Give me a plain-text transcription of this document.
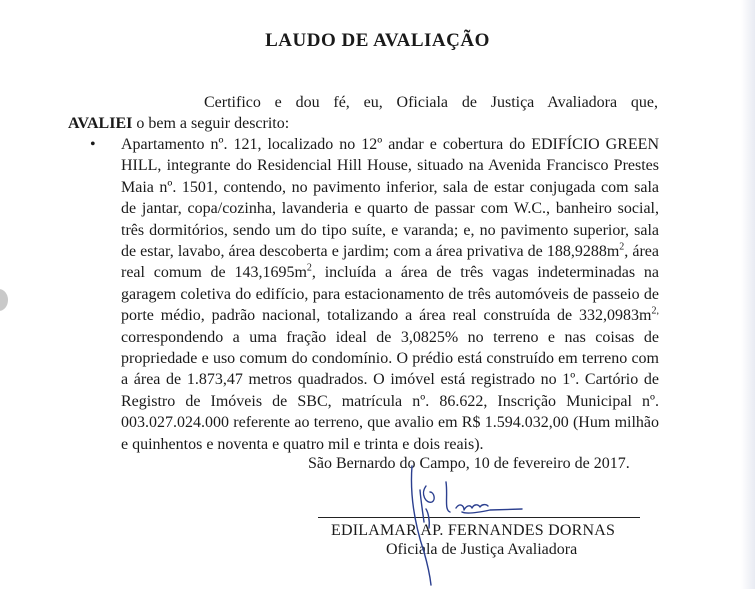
LAUDO DE AVALIAÇÃO
Certifico e dou fé, eu, Oficiala de Justiça Avaliadora que,
AVALIEI o bem a seguir descrito:
• Apartamento nº. 121, localizado no 12º andar e cobertura do EDIFÍCIO GREEN HILL, integrante do Residencial Hill House, situado na Avenida Francisco Prestes Maia nº. 1501, contendo, no pavimento inferior, sala de estar conjugada com sala de jantar, copa/cozinha, lavanderia e quarto de passar com W.C., banheiro social, três dormitórios, sendo um do tipo suíte, e varanda; e, no pavimento superior, sala de estar, lavabo, área descoberta e jardim; com a área privativa de $188,9288m^2$, área real comum de $143,1695m^2$, incluída a área de três vagas indeterminadas na garagem coletiva do edifício, para estacionamento de três automóveis de passeio de porte médio, padrão nacional, totalizando a área real construída de $332,0983m^{2,}$ correspondendo a uma fração ideal de 3,0825% no terreno e nas coisas de propriedade e uso comum do condomínio. O prédio está construído em terreno com a área de 1.873,47 metros quadrados. O imóvel está registrado no 1º. Cartório de Registro de Imóveis de SBC, matrícula nº. 86.622, Inscrição Municipal nº. 003.027.024.000 referente ao terreno, que avalio em R$ 1.594.032,00 (Hum milhão e quinhentos e noventa e quatro mil e trinta e dois reais).
São Bernardo do Campo, 10 de fevereiro de 2017.
EDILAMAR AP. FERNANDES DORNAS
Oficiala de Justiça Avaliadora
